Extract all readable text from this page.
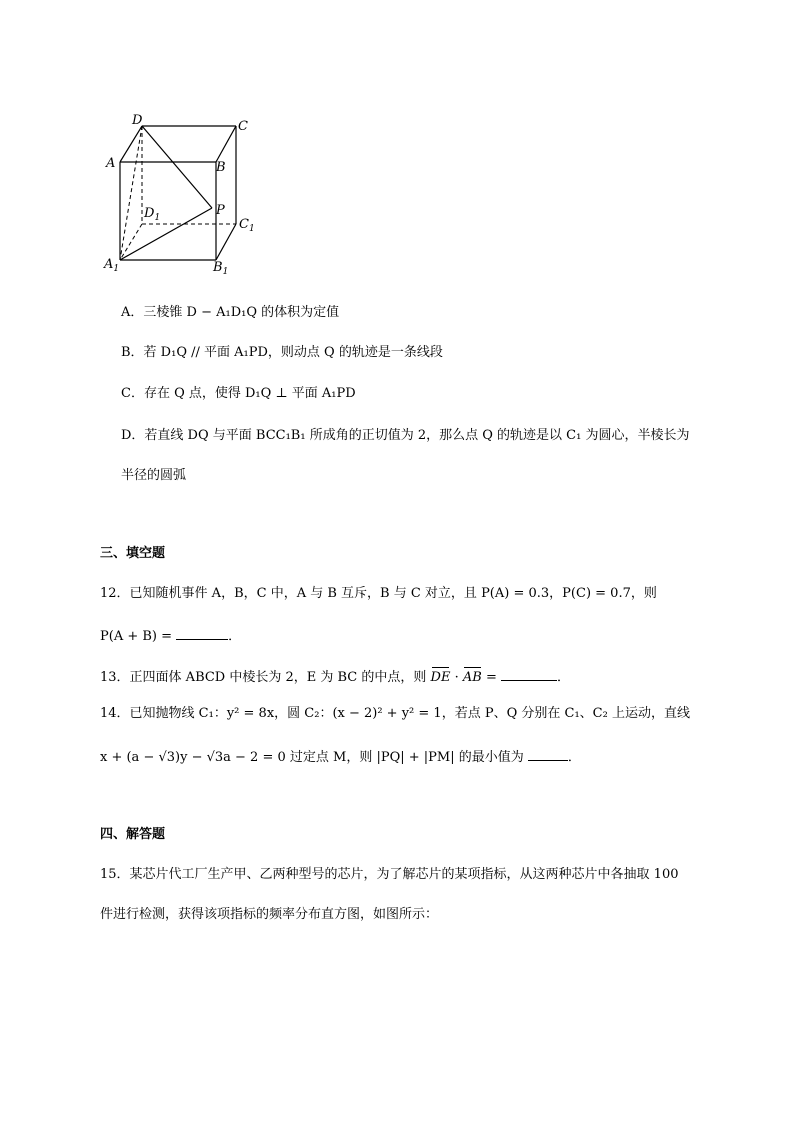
D	C
A	B
P
$D_1$	$C_1$
$A_1$	$B_1$
A．三棱锥 D − A₁D₁Q 的体积为定值
B．若 D₁Q // 平面 A₁PD，则动点 Q 的轨迹是一条线段
C．存在 Q 点，使得 D₁Q ⊥ 平面 A₁PD
D．若直线 DQ 与平面 BCC₁B₁ 所成角的正切值为 2，那么点 Q 的轨迹是以 C₁ 为圆心，半棱长为
半径的圆弧
三、填空题
12．已知随机事件 A，B，C 中，A 与 B 互斥，B 与 C 对立，且 P(A) = 0.3，P(C) = 0.7，则
P(A + B) =	．
13．正四面体 ABCD 中棱长为 2，E 为 BC 的中点，则 DE ·
AB =	．
14．已知抛物线 C₁：y² = 8x，圆 C₂：(x − 2)² + y² = 1，若点 P、Q 分别在 C₁、C₂ 上运动，直线
x + (a − √3)y − √3a − 2 = 0 过定点 M，则 |PQ| + |PM| 的最小值为	．
四、解答题
15．某芯片代工厂生产甲、乙两种型号的芯片，为了解芯片的某项指标，从这两种芯片中各抽取 100
件进行检测，获得该项指标的频率分布直方图，如图所示：
